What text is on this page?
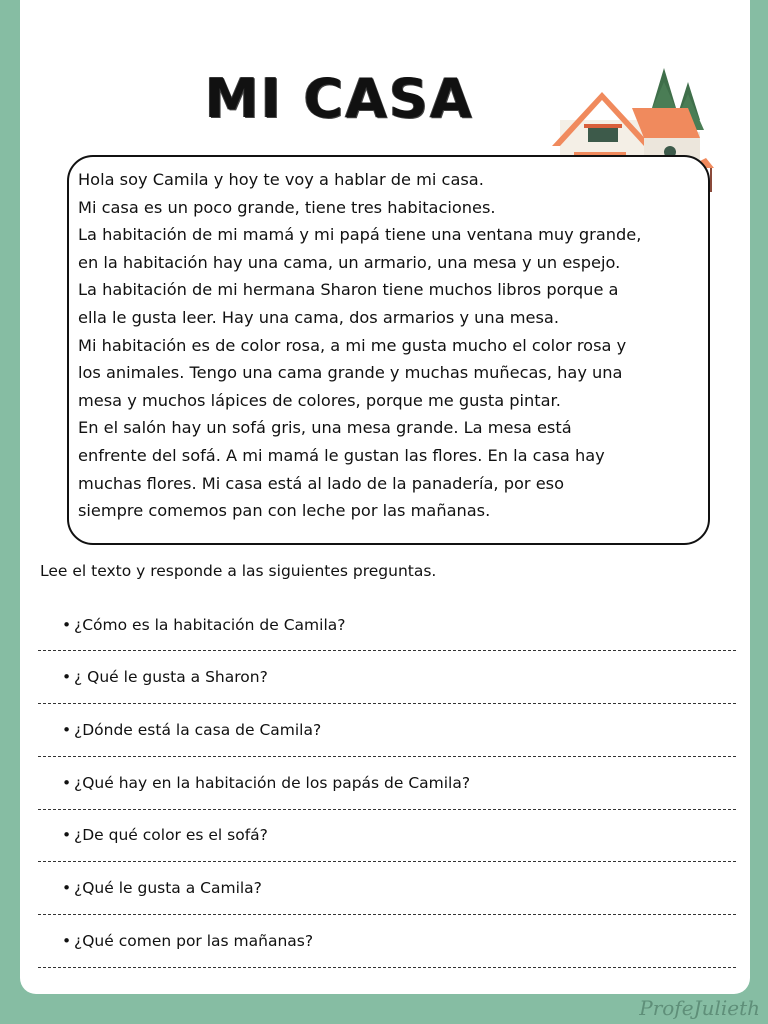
MI CASA
Hola soy Camila y hoy te voy a hablar de mi casa.
Mi casa es un poco grande, tiene tres habitaciones.
La habitación de mi mamá y mi papá tiene una ventana muy grande,
en la habitación hay una cama, un armario, una mesa y un espejo.
La habitación de mi hermana Sharon tiene muchos libros porque a
ella le gusta leer. Hay una cama, dos armarios y una mesa.
Mi habitación es de color rosa, a mi me gusta mucho el color rosa y
los animales. Tengo una cama grande y muchas muñecas, hay una
mesa y muchos lápices de colores, porque me gusta pintar.
En el salón hay un sofá gris, una mesa grande. La mesa está
enfrente del sofá. A mi mamá le gustan las flores. En la casa hay
muchas flores. Mi casa está al lado de la panadería, por eso
siempre comemos pan con leche por las mañanas.
Lee el texto y responde a las siguientes preguntas.
• ¿Cómo es la habitación de Camila?
• ¿ Qué le gusta a Sharon?
• ¿Dónde está la casa de Camila?
• ¿Qué hay en la habitación de los papás de Camila?
• ¿De qué color es el sofá?
• ¿Qué le gusta a Camila?
• ¿Qué comen por las mañanas?
ProfeJulieth
